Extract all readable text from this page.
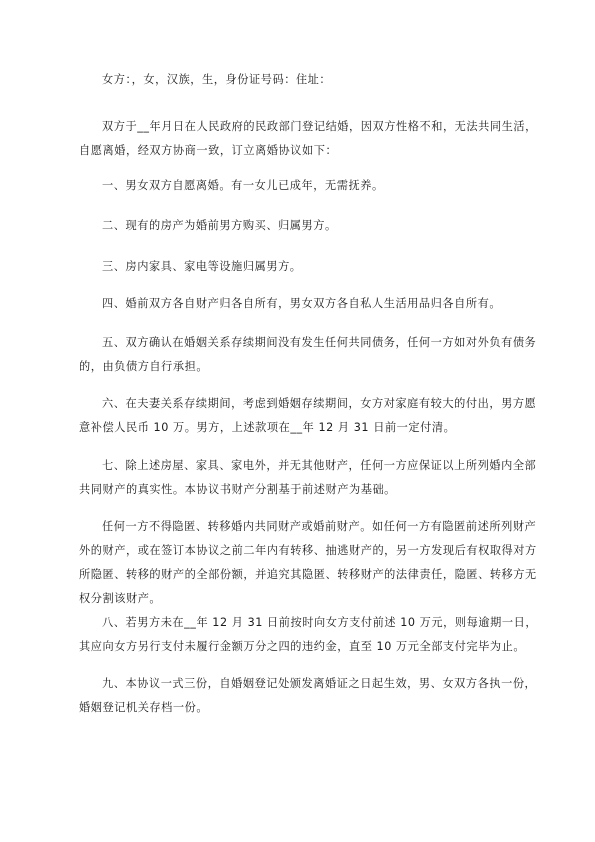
女方：，女，汉族，生，身份证号码：住址：

双方于__年月日在人民政府的民政部门登记结婚，因双方性格不和，无法共同生活，自愿离婚，经双方协商一致，订立离婚协议如下：

一、男女双方自愿离婚。有一女儿已成年，无需抚养。

二、现有的房产为婚前男方购买、归属男方。

三、房内家具、家电等设施归属男方。

四、婚前双方各自财产归各自所有，男女双方各自私人生活用品归各自所有。

五、双方确认在婚姻关系存续期间没有发生任何共同债务，任何一方如对外负有债务的，由负债方自行承担。

六、在夫妻关系存续期间，考虑到婚姻存续期间，女方对家庭有较大的付出，男方愿意补偿人民币 10 万。男方，上述款项在__年 12 月 31 日前一定付清。

七、除上述房屋、家具、家电外，并无其他财产，任何一方应保证以上所列婚内全部共同财产的真实性。本协议书财产分割基于前述财产为基础。

任何一方不得隐匿、转移婚内共同财产或婚前财产。如任何一方有隐匿前述所列财产外的财产，或在签订本协议之前二年内有转移、抽逃财产的，另一方发现后有权取得对方所隐匿、转移的财产的全部份额，并追究其隐匿、转移财产的法律责任，隐匿、转移方无权分割该财产。

八、若男方未在__年 12 月 31 日前按时向女方支付前述 10 万元，则每逾期一日，其应向女方另行支付未履行金额万分之四的违约金，直至 10 万元全部支付完毕为止。

九、本协议一式三份，自婚姻登记处颁发离婚证之日起生效，男、女双方各执一份，婚姻登记机关存档一份。
